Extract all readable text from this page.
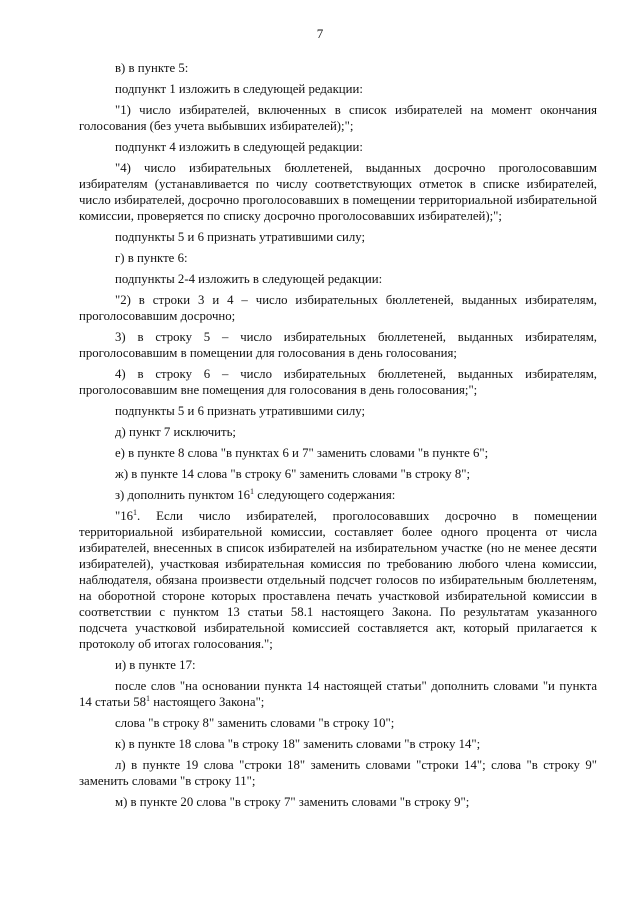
7

в) в пункте 5:

подпункт 1 изложить в следующей редакции:

"1) число избирателей, включенных в список избирателей на момент окончания голосования (без учета выбывших избирателей);";

подпункт 4 изложить в следующей редакции:

"4) число избирательных бюллетеней, выданных досрочно проголосовавшим избирателям (устанавливается по числу соответствующих отметок в списке избирателей, число избирателей, досрочно проголосовавших в помещении территориальной избирательной комиссии, проверяется по списку досрочно проголосовавших избирателей);";

подпункты 5 и 6 признать утратившими силу;

г) в пункте 6:

подпункты 2-4 изложить в следующей редакции:

"2) в строки 3 и 4 – число избирательных бюллетеней, выданных избирателям, проголосовавшим досрочно;

3) в строку 5 – число избирательных бюллетеней, выданных избирателям, проголосовавшим в помещении для голосования в день голосования;

4) в строку 6 – число избирательных бюллетеней, выданных избирателям, проголосовавшим вне помещения для голосования в день голосования;";

подпункты 5 и 6 признать утратившими силу;

д) пункт 7 исключить;

е) в пункте 8 слова "в пунктах 6 и 7" заменить словами "в пункте 6";

ж) в пункте 14 слова "в строку 6" заменить словами "в строку 8";

з) дополнить пунктом $16^1$ следующего содержания:

"$16^1$. Если число избирателей, проголосовавших досрочно в помещении территориальной избирательной комиссии, составляет более одного процента от числа избирателей, внесенных в список избирателей на избирательном участке (но не менее десяти избирателей), участковая избирательная комиссия по требованию любого члена комиссии, наблюдателя, обязана произвести отдельный подсчет голосов по избирательным бюллетеням, на оборотной стороне которых проставлена печать участковой избирательной комиссии в соответствии с пунктом 13 статьи 58.1 настоящего Закона. По результатам указанного подсчета участковой избирательной комиссией составляется акт, который прилагается к протоколу об итогах голосования.";

и) в пункте 17:

после слов "на основании пункта 14 настоящей статьи" дополнить словами "и пункта 14 статьи $58^1$ настоящего Закона";

слова "в строку 8" заменить словами "в строку 10";

к) в пункте 18 слова "в строку 18" заменить словами "в строку 14";

л) в пункте 19 слова "строки 18" заменить словами "строки 14"; слова "в строку 9" заменить словами "в строку 11";

м) в пункте 20 слова "в строку 7" заменить словами "в строку 9";
